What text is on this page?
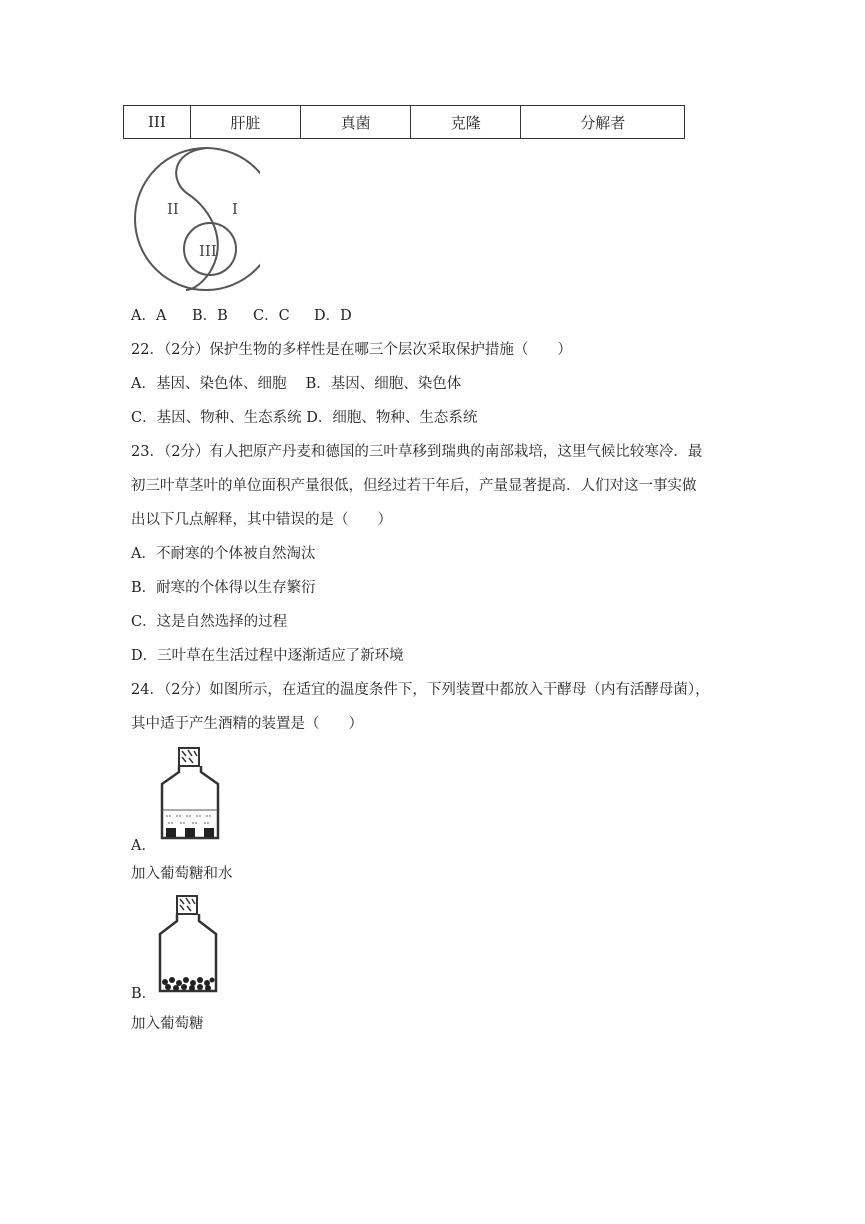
III	肝脏	真菌	克隆	分解者
II	I
III
A．A B．B C．C D．D
22．（2分）保护生物的多样性是在哪三个层次采取保护措施（　　）
A．基因、染色体、细胞　 B．基因、细胞、染色体
C．基因、物种、生态系统 D．细胞、物种、生态系统
23．（2分）有人把原产丹麦和德国的三叶草移到瑞典的南部栽培，这里气候比较寒冷．最
初三叶草茎叶的单位面积产量很低，但经过若干年后，产量显著提高．人们对这一事实做
出以下几点解释，其中错误的是（　　）
A．不耐寒的个体被自然淘汰
B．耐寒的个体得以生存繁衍
C．这是自然选择的过程
D．三叶草在生活过程中逐渐适应了新环境
24．（2分）如图所示，在适宜的温度条件下，下列装置中都放入干酵母（内有活酵母菌），
其中适于产生酒精的装置是（　　）
A．
加入葡萄糖和水
B．
加入葡萄糖
